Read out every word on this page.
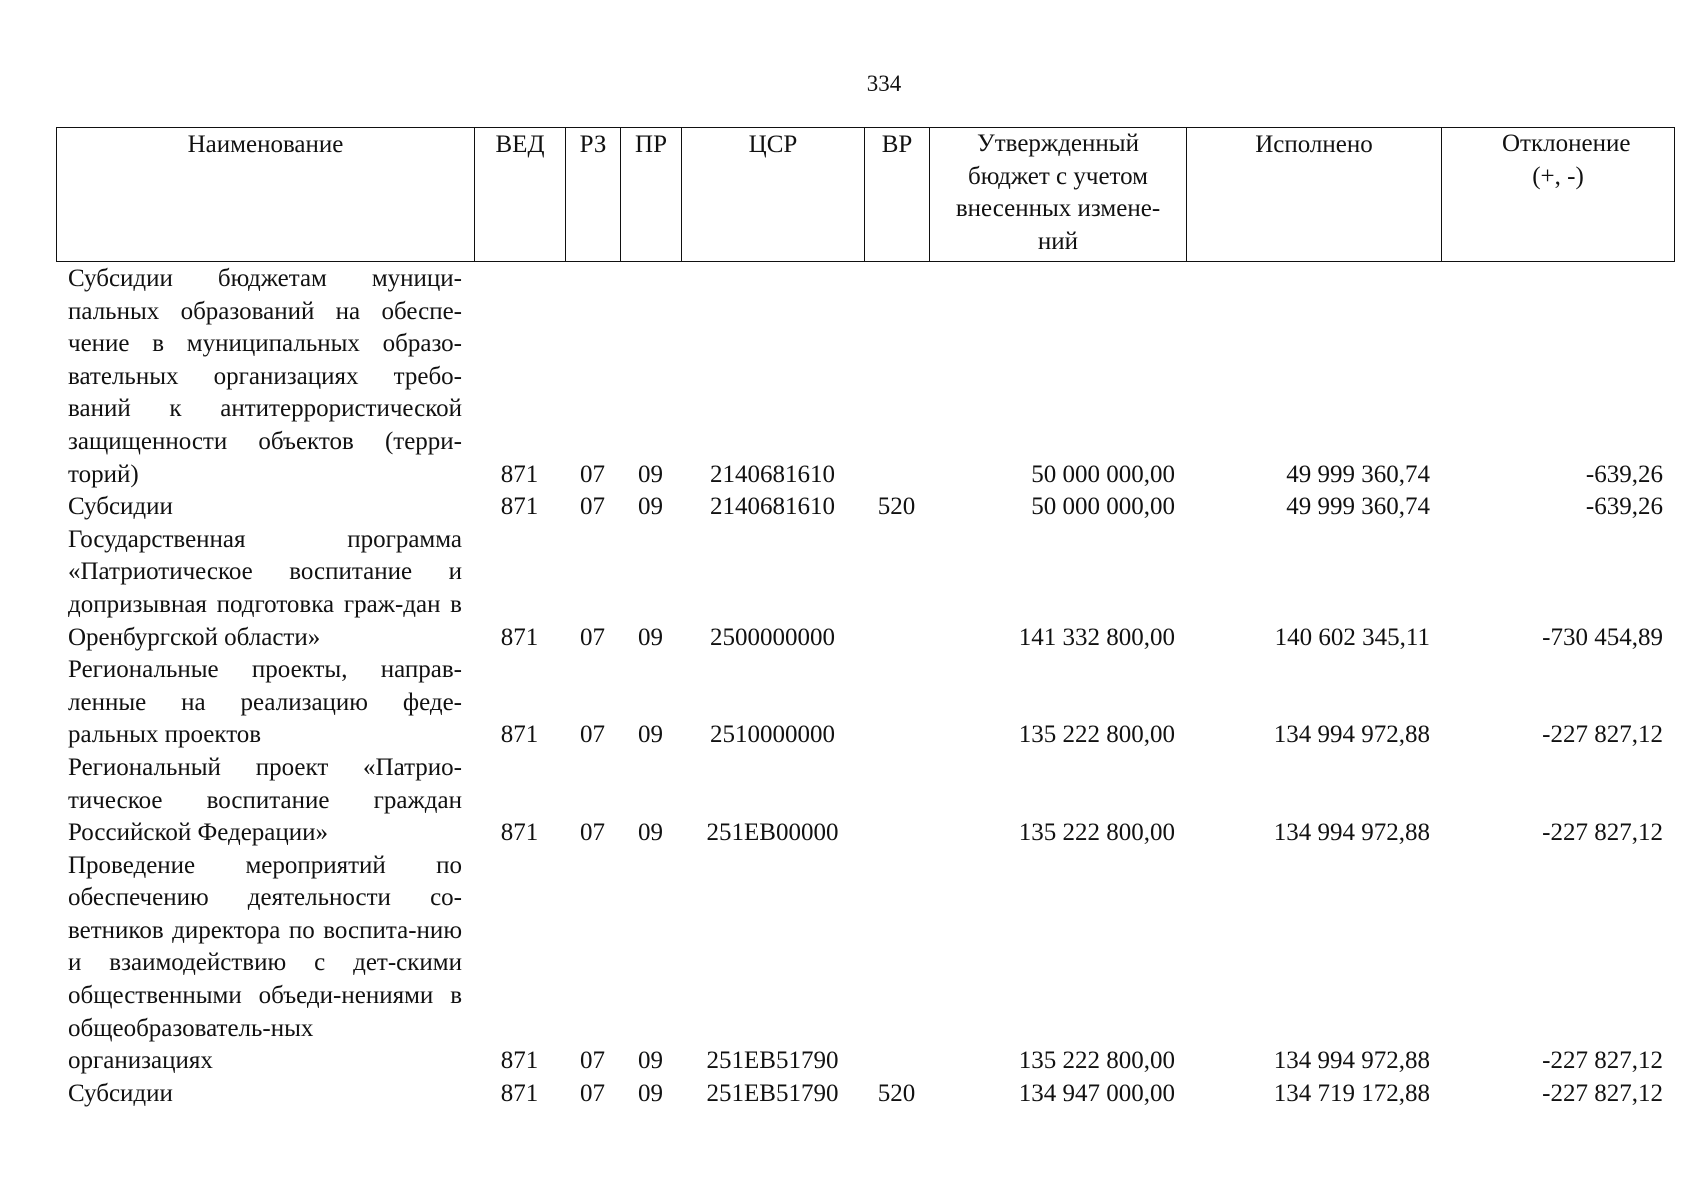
334
Наименование	ВЕД	РЗ	ПР	ЦСР	ВР	Утвержденный бюджет с учетом внесенных измене-ний	Исполнено	Отклонение (+, -)
Субсидии бюджетам муници-пальных образований на обеспе-чение в муниципальных образо-вательных организациях требо-ваний к антитеррористической защищенности объектов (терри-торий)	871	07	09	2140681610		50 000 000,00	49 999 360,74	-639,26
Субсидии	871	07	09	2140681610	520	50 000 000,00	49 999 360,74	-639,26
Государственная программа «Патриотическое воспитание и допризывная подготовка граж-дан в Оренбургской области»	871	07	09	2500000000		141 332 800,00	140 602 345,11	-730 454,89
Региональные проекты, направ-ленные на реализацию феде-ральных проектов	871	07	09	2510000000		135 222 800,00	134 994 972,88	-227 827,12
Региональный проект «Патрио-тическое воспитание граждан Российской Федерации»	871	07	09	251EB00000		135 222 800,00	134 994 972,88	-227 827,12
Проведение мероприятий по обеспечению деятельности со-ветников директора по воспита-нию и взаимодействию с дет-скими общественными объеди-нениями в общеобразователь-ных организациях	871	07	09	251EB51790		135 222 800,00	134 994 972,88	-227 827,12
Субсидии	871	07	09	251EB51790	520	134 947 000,00	134 719 172,88	-227 827,12
